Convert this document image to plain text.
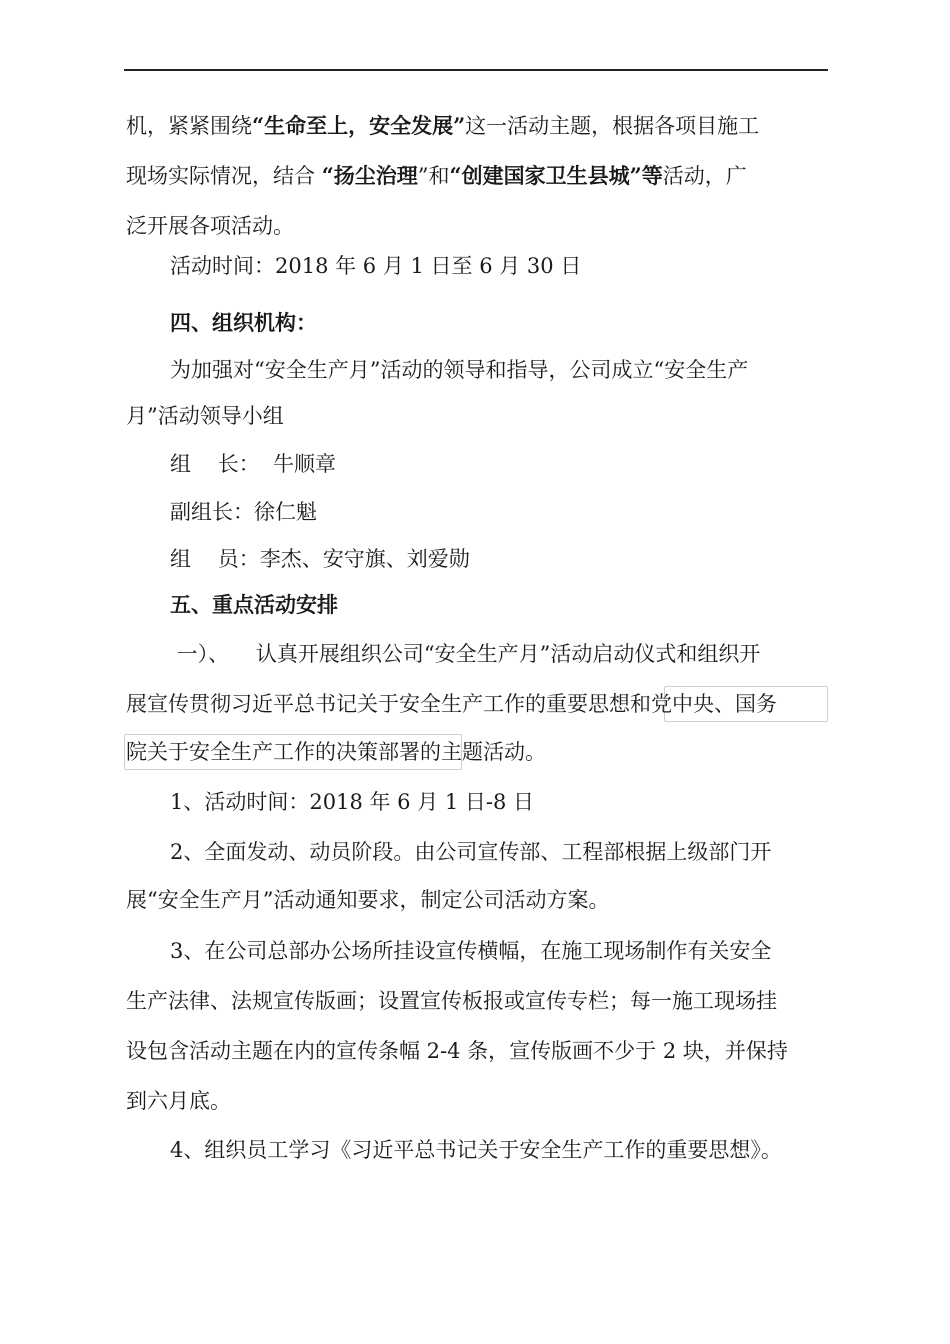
机，紧紧围绕“生命至上，安全发展”这一活动主题，根据各项目施工
现场实际情况，结合 “扬尘治理”和“创建国家卫生县城”等活动，广
泛开展各项活动。
活动时间：2018 年 6 月 1 日至 6 月 30 日
四、组织机构：
为加强对“安全生产月”活动的领导和指导，公司成立“安全生产
月”活动领导小组
组    长：  牛顺章
副组长：徐仁魁
组    员：李杰、安守旗、刘爱勋
五、重点活动安排
一）、    认真开展组织公司“安全生产月”活动启动仪式和组织开
展宣传贯彻习近平总书记关于安全生产工作的重要思想和党中央、国务
院关于安全生产工作的决策部署的主题活动。
1、活动时间：2018 年 6 月 1 日-8 日
2、全面发动、动员阶段。由公司宣传部、工程部根据上级部门开
展“安全生产月”活动通知要求，制定公司活动方案。
3、在公司总部办公场所挂设宣传横幅，在施工现场制作有关安全
生产法律、法规宣传版画；设置宣传板报或宣传专栏；每一施工现场挂
设包含活动主题在内的宣传条幅 2-4 条，宣传版画不少于 2 块，并保持
到六月底。
4、组织员工学习《习近平总书记关于安全生产工作的重要思想》。
